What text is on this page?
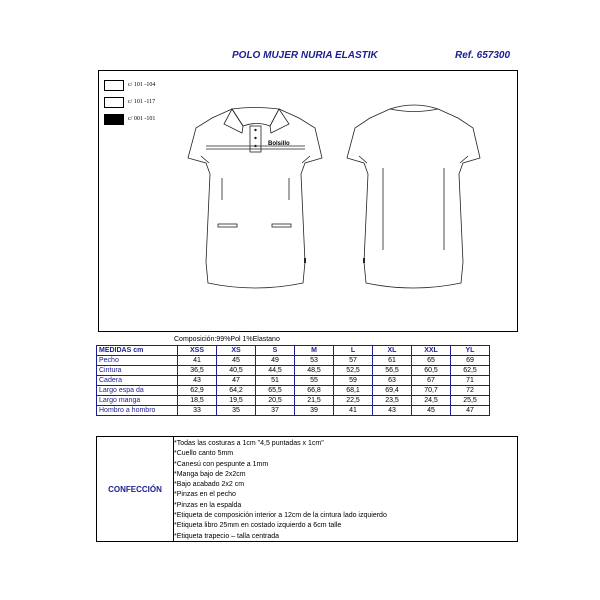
POLO MUJER NURIA ELASTIK	Ref. 657300
c/ 101 -104
c/ 101 -117
c/ 001 -101
Bolsillo
Composición:99%Pol 1%Elastano
MEDIDAS cm	XSS	XS	S	M	L	XL	XXL	YL
Pecho	41	45	49	53	57	61	65	69
Cintura	36,5	40,5	44,5	48,5	52,5	56,5	60,5	62,5
Cadera	43	47	51	55	59	63	67	71
Largo espa da	62,9	64,2	65,5	66,8	68,1	69,4	70,7	72
Largo manga	18,5	19,5	20,5	21,5	22,5	23,5	24,5	25,5
Hombro a hombro	33	35	37	39	41	43	45	47
CONFECCIÓN
*Todas las costuras a 1cm "4,5 puntadas x 1cm"
*Cuello canto 5mm
*Canesú con pespunte a 1mm
*Manga bajo de 2x2cm
*Bajo acabado 2x2 cm
*Pinzas en el pecho
*Pinzas en la espalda
*Etiqueta de composición interior a 12cm de la cintura lado izquierdo
*Etiqueta libro 25mm en costado izquierdo a 6cm talle
*Etiqueta trapecio – talla centrada
